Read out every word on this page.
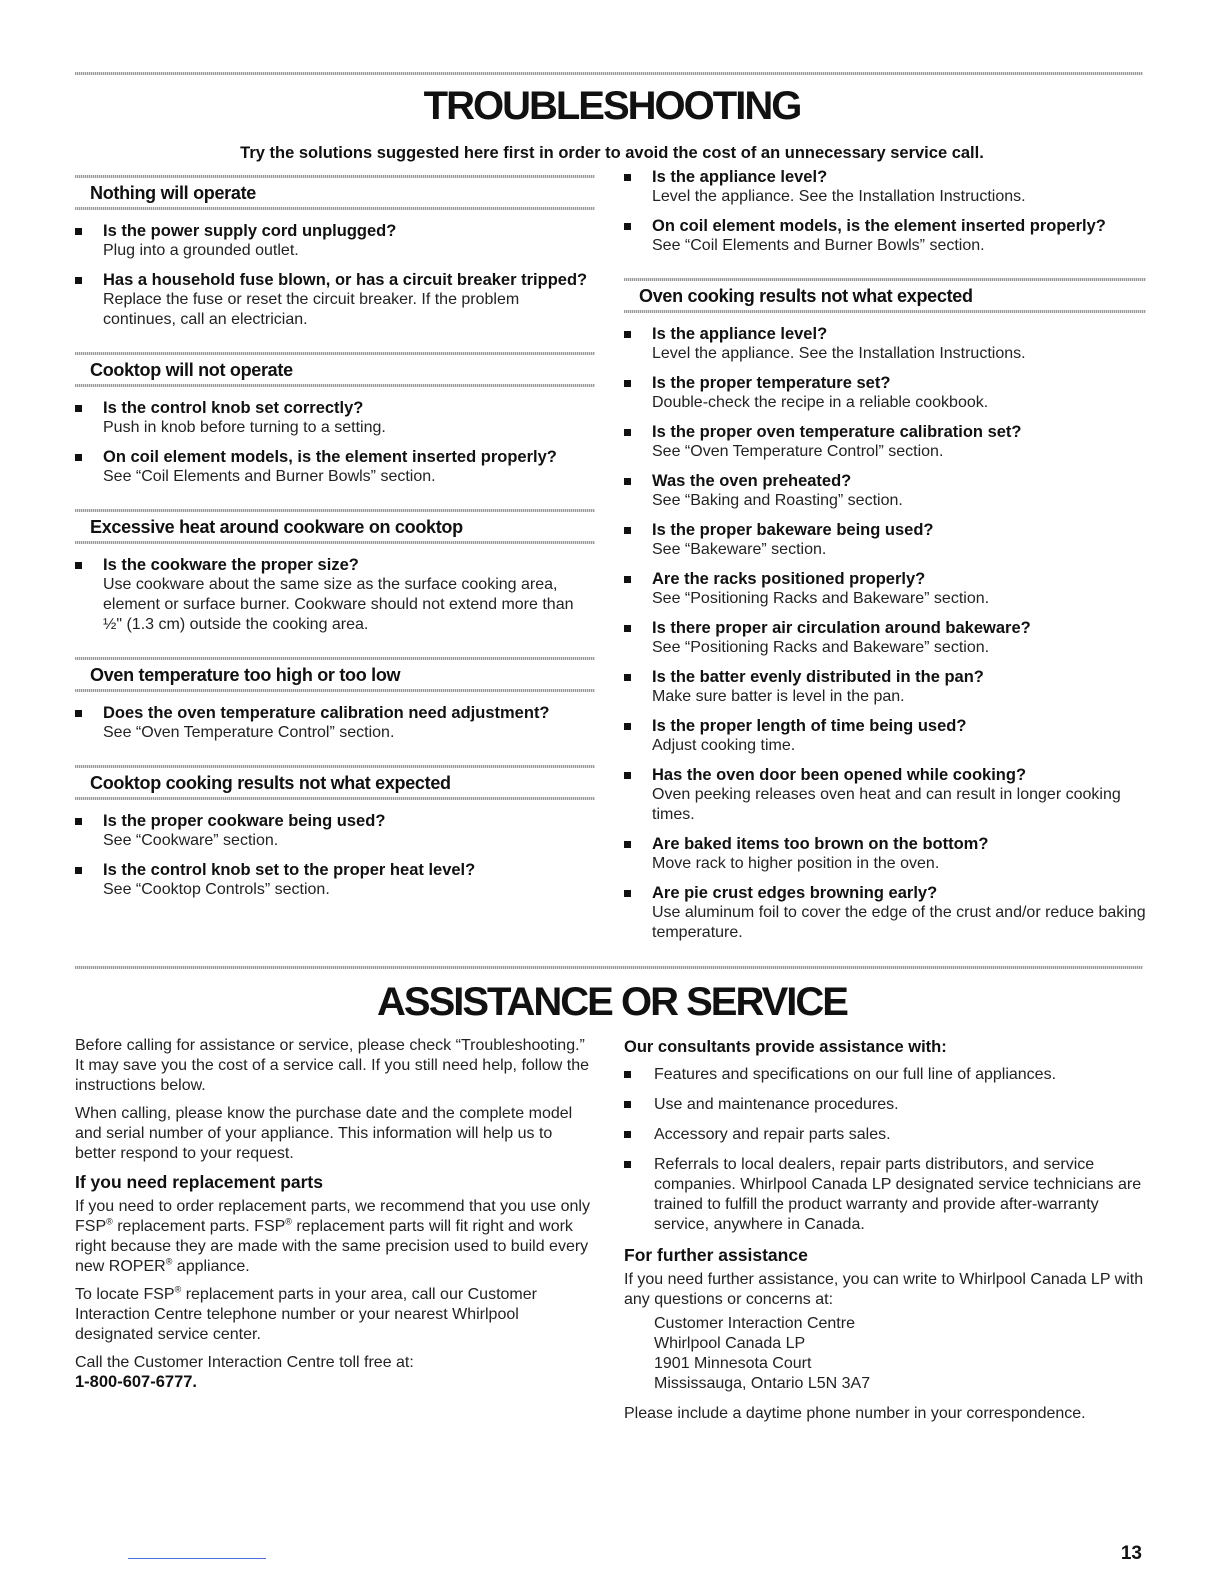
TROUBLESHOOTING
Try the solutions suggested here first in order to avoid the cost of an unnecessary service call.
Nothing will operate
Is the power supply cord unplugged?
Plug into a grounded outlet.
Has a household fuse blown, or has a circuit breaker tripped?
Replace the fuse or reset the circuit breaker. If the problem continues, call an electrician.
Cooktop will not operate
Is the control knob set correctly?
Push in knob before turning to a setting.
On coil element models, is the element inserted properly?
See “Coil Elements and Burner Bowls” section.
Excessive heat around cookware on cooktop
Is the cookware the proper size?
Use cookware about the same size as the surface cooking area, element or surface burner. Cookware should not extend more than ½" (1.3 cm) outside the cooking area.
Oven temperature too high or too low
Does the oven temperature calibration need adjustment?
See “Oven Temperature Control” section.
Cooktop cooking results not what expected
Is the proper cookware being used?
See “Cookware” section.
Is the control knob set to the proper heat level?
See “Cooktop Controls” section.
Is the appliance level?
Level the appliance. See the Installation Instructions.
On coil element models, is the element inserted properly?
See “Coil Elements and Burner Bowls” section.
Oven cooking results not what expected
Is the appliance level?
Level the appliance. See the Installation Instructions.
Is the proper temperature set?
Double-check the recipe in a reliable cookbook.
Is the proper oven temperature calibration set?
See “Oven Temperature Control” section.
Was the oven preheated?
See “Baking and Roasting” section.
Is the proper bakeware being used?
See “Bakeware” section.
Are the racks positioned properly?
See “Positioning Racks and Bakeware” section.
Is there proper air circulation around bakeware?
See “Positioning Racks and Bakeware” section.
Is the batter evenly distributed in the pan?
Make sure batter is level in the pan.
Is the proper length of time being used?
Adjust cooking time.
Has the oven door been opened while cooking?
Oven peeking releases oven heat and can result in longer cooking times.
Are baked items too brown on the bottom?
Move rack to higher position in the oven.
Are pie crust edges browning early?
Use aluminum foil to cover the edge of the crust and/or reduce baking temperature.
ASSISTANCE OR SERVICE

Before calling for assistance or service, please check “Troubleshooting.” It may save you the cost of a service call. If you still need help, follow the instructions below.

When calling, please know the purchase date and the complete model and serial number of your appliance. This information will help us to better respond to your request.

If you need replacement parts

If you need to order replacement parts, we recommend that you use only FSP® replacement parts. FSP® replacement parts will fit right and work right because they are made with the same precision used to build every new ROPER® appliance.

To locate FSP® replacement parts in your area, call our Customer Interaction Centre telephone number or your nearest Whirlpool designated service center.

Call the Customer Interaction Centre toll free at:

1-800-607-6777.
Our consultants provide assistance with:
Features and specifications on our full line of appliances.
Use and maintenance procedures.
Accessory and repair parts sales.
Referrals to local dealers, repair parts distributors, and service companies. Whirlpool Canada LP designated service technicians are trained to fulfill the product warranty and provide after-warranty service, anywhere in Canada.
For further assistance

If you need further assistance, you can write to Whirlpool Canada LP with any questions or concerns at:

Customer Interaction Centre
Whirlpool Canada LP
1901 Minnesota Court
Mississauga, Ontario L5N 3A7

Please include a daytime phone number in your correspondence.

13
